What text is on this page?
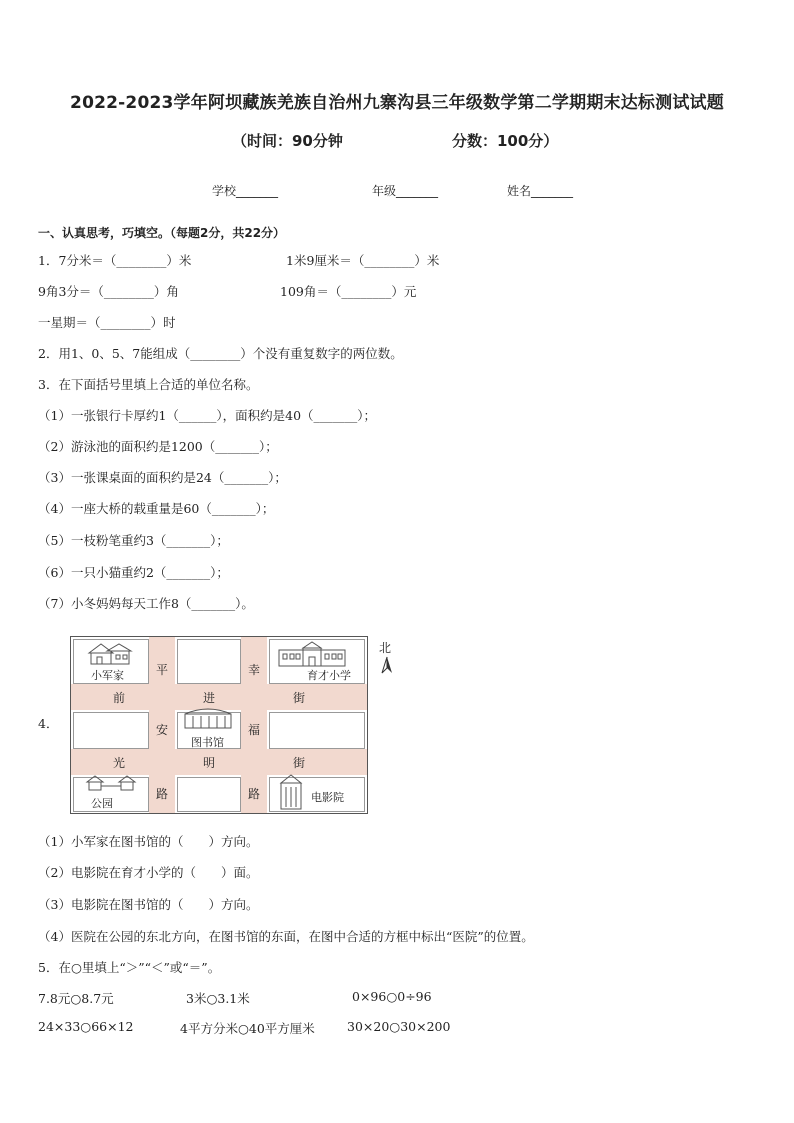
2022-2023学年阿坝藏族羌族自治州九寨沟县三年级数学第二学期期末达标测试试题
（时间：90分钟	分数：100分）
学校_______	年级_______	姓名_______
一、认真思考，巧填空。（每题2分，共22分）
1．7分米＝（________）米	1米9厘米＝（________）米
9角3分＝（________）角	109角＝（________）元
一星期＝（________）时
2．用1、0、5、7能组成（________）个没有重复数字的两位数。
3．在下面括号里填上合适的单位名称。
（1）一张银行卡厚约1（______），面积约是40（_______）；
（2）游泳池的面积约是1200（_______）；
（3）一张课桌面的面积约是24（_______）；
（4）一座大桥的载重量是60（_______）；
（5）一枝粉笔重约3（_______）；
（6）一只小猫重约2（_______）；
（7）小冬妈妈每天工作8（_______）。
4．
平	幸
前	进	街
安	福
光	明	街
路	路
小军家	育才小学
图书馆
公园	电影院
北
（1）小军家在图书馆的（　　）方向。
（2）电影院在育才小学的（　　）面。
（3）电影院在图书馆的（　　）方向。
（4）医院在公园的东北方向，在图书馆的东面，在图中合适的方框中标出“医院”的位置。
5．在○里填上“＞”“＜”或“＝”。
7.8元○8.7元	3米○3.1米	0×96○0÷96
24×33○66×12	4平方分米○40平方厘米	30×20○30×200
